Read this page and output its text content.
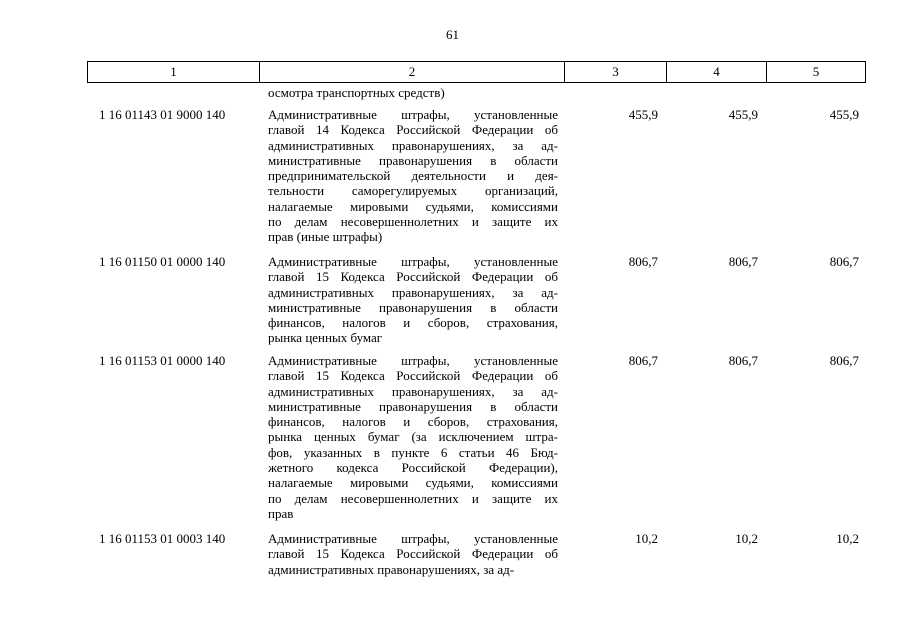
61
1	2	3	4	5
осмотра транспортных средств)
1 16 01143 01 9000 140	Административные штрафы, установленные
главой 14 Кодекса Российской Федерации об
административных правонарушениях, за ад-
министративные правонарушения в области
предпринимательской деятельности и дея-
тельности саморегулируемых организаций,
налагаемые мировыми судьями, комиссиями
по делам несовершеннолетних и защите их
прав (иные штрафы)
455,9	455,9	455,9
1 16 01150 01 0000 140	Административные штрафы, установленные
главой 15 Кодекса Российской Федерации об
административных правонарушениях, за ад-
министративные правонарушения в области
финансов, налогов и сборов, страхования,
рынка ценных бумаг
806,7	806,7	806,7
1 16 01153 01 0000 140	Административные штрафы, установленные
главой 15 Кодекса Российской Федерации об
административных правонарушениях, за ад-
министративные правонарушения в области
финансов, налогов и сборов, страхования,
рынка ценных бумаг (за исключением штра-
фов, указанных в пункте 6 статьи 46 Бюд-
жетного кодекса Российской Федерации),
налагаемые мировыми судьями, комиссиями
по делам несовершеннолетних и защите их
прав
806,7	806,7	806,7
1 16 01153 01 0003 140	Административные штрафы, установленные
главой 15 Кодекса Российской Федерации об
административных правонарушениях, за ад-
10,2	10,2	10,2
